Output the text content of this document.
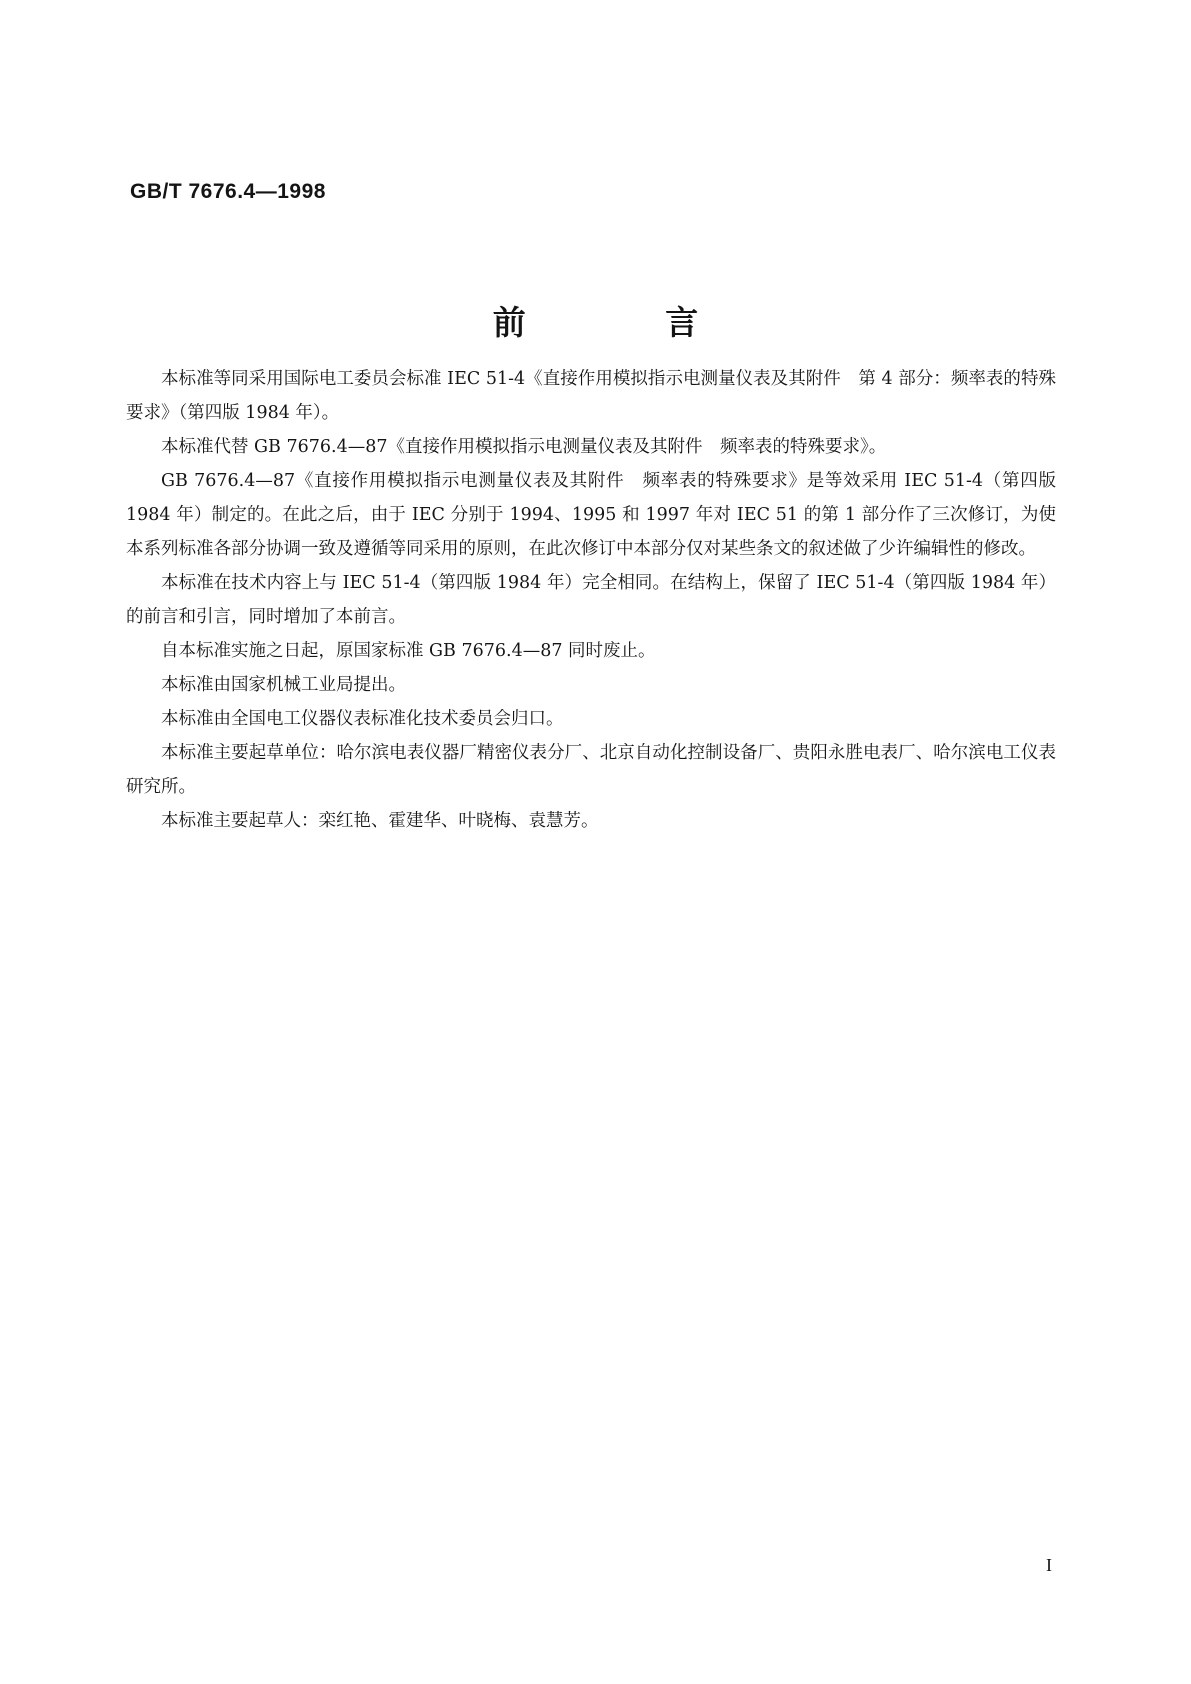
GB/T 7676.4—1998
前 言

本标准等同采用国际电工委员会标准 IEC 51-4《直接作用模拟指示电测量仪表及其附件　第 4 部分：频率表的特殊要求》（第四版 1984 年）。

本标准代替 GB 7676.4—87《直接作用模拟指示电测量仪表及其附件　频率表的特殊要求》。

GB 7676.4—87《直接作用模拟指示电测量仪表及其附件　频率表的特殊要求》是等效采用 IEC 51-4（第四版 1984 年）制定的。在此之后，由于 IEC 分别于 1994、1995 和 1997 年对 IEC 51 的第 1 部分作了三次修订，为使本系列标准各部分协调一致及遵循等同采用的原则，在此次修订中本部分仅对某些条文的叙述做了少许编辑性的修改。

本标准在技术内容上与 IEC 51-4（第四版 1984 年）完全相同。在结构上，保留了 IEC 51-4（第四版 1984 年）的前言和引言，同时增加了本前言。

自本标准实施之日起，原国家标准 GB 7676.4—87 同时废止。

本标准由国家机械工业局提出。

本标准由全国电工仪器仪表标准化技术委员会归口。

本标准主要起草单位：哈尔滨电表仪器厂精密仪表分厂、北京自动化控制设备厂、贵阳永胜电表厂、哈尔滨电工仪表研究所。

本标准主要起草人：栾红艳、霍建华、叶晓梅、袁慧芳。

I
